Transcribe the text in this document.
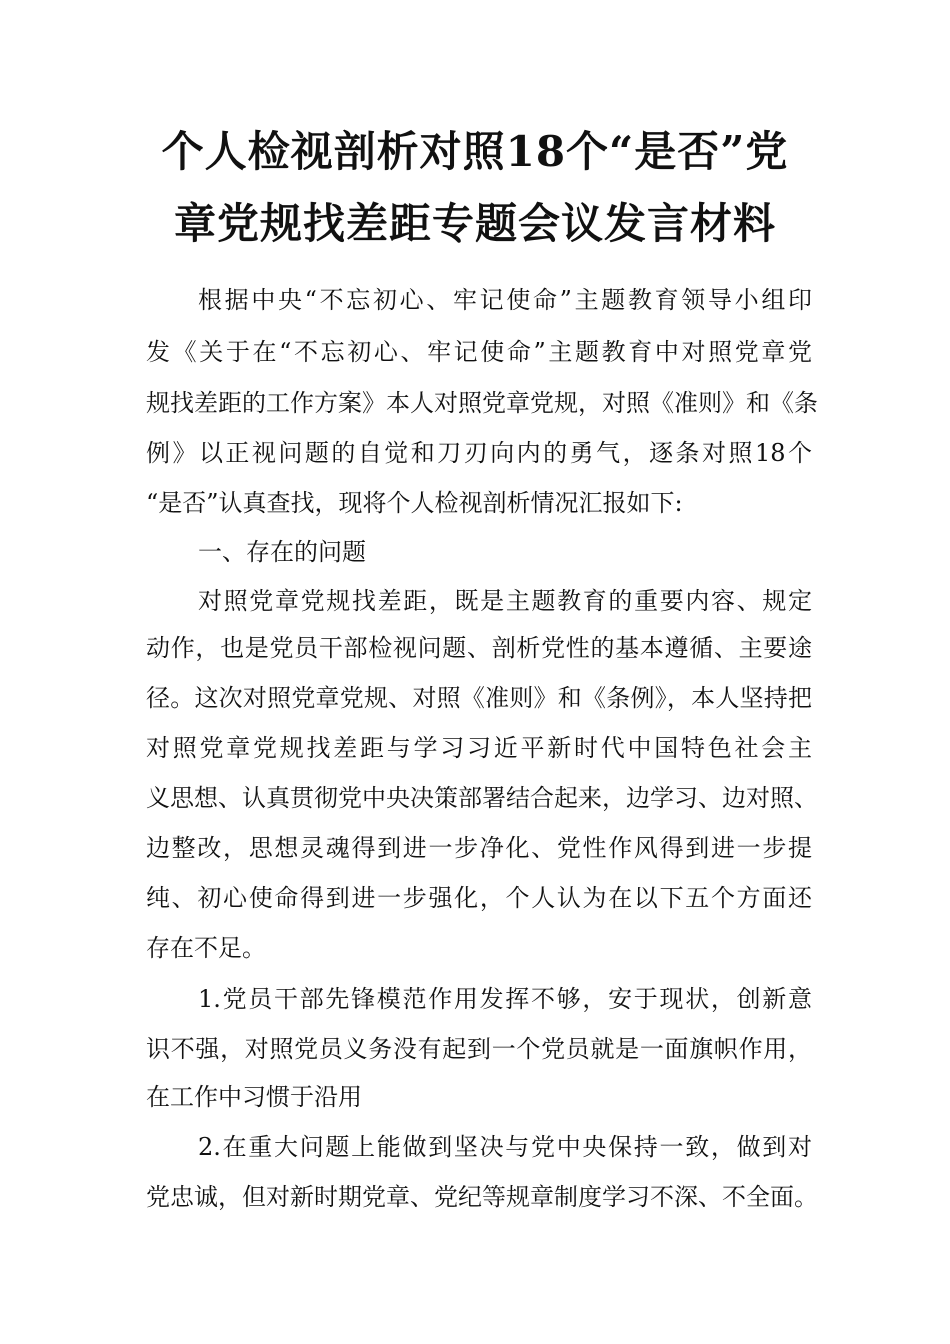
个人检视剖析对照18个“是否”党
章党规找差距专题会议发言材料
根据中央“不忘初心、牢记使命”主题教育领导小组印
发《关于在“不忘初心、牢记使命”主题教育中对照党章党
规找差距的工作方案》本人对照党章党规，对照《准则》和《条
例》以正视问题的自觉和刀刃向内的勇气，逐条对照18个
“是否”认真查找，现将个人检视剖析情况汇报如下:
一、存在的问题
对照党章党规找差距，既是主题教育的重要内容、规定
动作，也是党员干部检视问题、剖析党性的基本遵循、主要途
径。这次对照党章党规、对照《准则》和《条例》，本人坚持把
对照党章党规找差距与学习习近平新时代中国特色社会主
义思想、认真贯彻党中央决策部署结合起来，边学习、边对照、
边整改，思想灵魂得到进一步净化、党性作风得到进一步提
纯、初心使命得到进一步强化，个人认为在以下五个方面还
存在不足。
1.党员干部先锋模范作用发挥不够，安于现状，创新意
识不强，对照党员义务没有起到一个党员就是一面旗帜作用，
在工作中习惯于沿用
2.在重大问题上能做到坚决与党中央保持一致，做到对
党忠诚，但对新时期党章、党纪等规章制度学习不深、不全面。
